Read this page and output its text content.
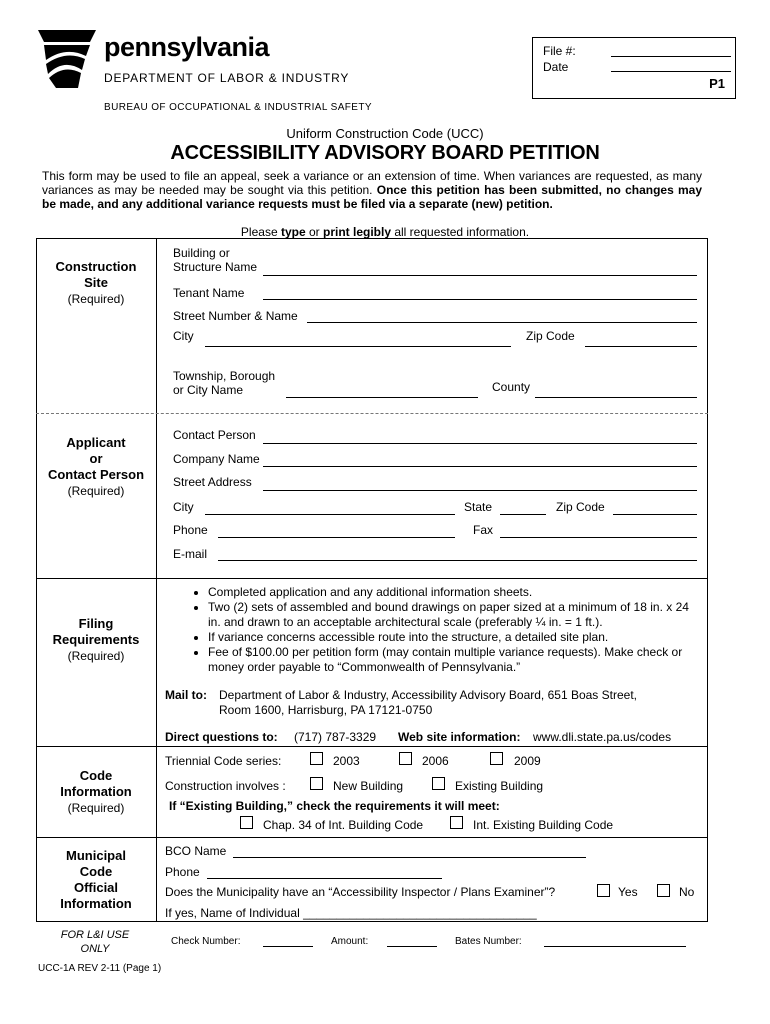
pennsylvania
DEPARTMENT OF LABOR & INDUSTRY
BUREAU OF OCCUPATIONAL & INDUSTRIAL SAFETY
File #:
Date
P1
Uniform Construction Code (UCC)
ACCESSIBILITY ADVISORY BOARD PETITION
This form may be used to file an appeal, seek a variance or an extension of time. When variances are requested, as many variances as may be needed may be sought via this petition. Once this petition has been submitted, no changes may be made, and any additional variance requests must be filed via a separate (new) petition.
Please type or print legibly all requested information.
Construction
Site
(Required)
Building or
Structure Name
Tenant Name
Street Number & Name
City	Zip Code
Township, Borough
or City Name	County
Applicant
or
Contact Person
(Required)
Contact Person
Company Name
Street Address
City	State	Zip Code
Phone	Fax
E-mail
Filing
Requirements
(Required)
• Completed application and any additional information sheets.
• Two (2) sets of assembled and bound drawings on paper sized at a minimum of 18 in. x 24 in. and drawn to an acceptable architectural scale (preferably ¼ in. = 1 ft.).
• If variance concerns accessible route into the structure, a detailed site plan.
• Fee of $100.00 per petition form (may contain multiple variance requests). Make check or money order payable to “Commonwealth of Pennsylvania.”
Mail to: Department of Labor & Industry, Accessibility Advisory Board, 651 Boas Street,
Room 1600, Harrisburg, PA 17121-0750
Direct questions to: (717) 787-3329 Web site information: www.dli.state.pa.us/codes
Code
Information
(Required)
Triennial Code series:	2003	2006	2009
Construction involves :	New Building	Existing Building
If “Existing Building,” check the requirements it will meet:
Chap. 34 of Int. Building Code	Int. Existing Building Code
Municipal
Code
Official
Information
BCO Name
Phone
Does the Municipality have an “Accessibility Inspector / Plans Examiner”?	Yes	No
If yes, Name of Individual ___________________________________
FOR L&I USE
ONLY
Check Number:	Amount:	Bates Number:
UCC-1A REV 2-11 (Page 1)
